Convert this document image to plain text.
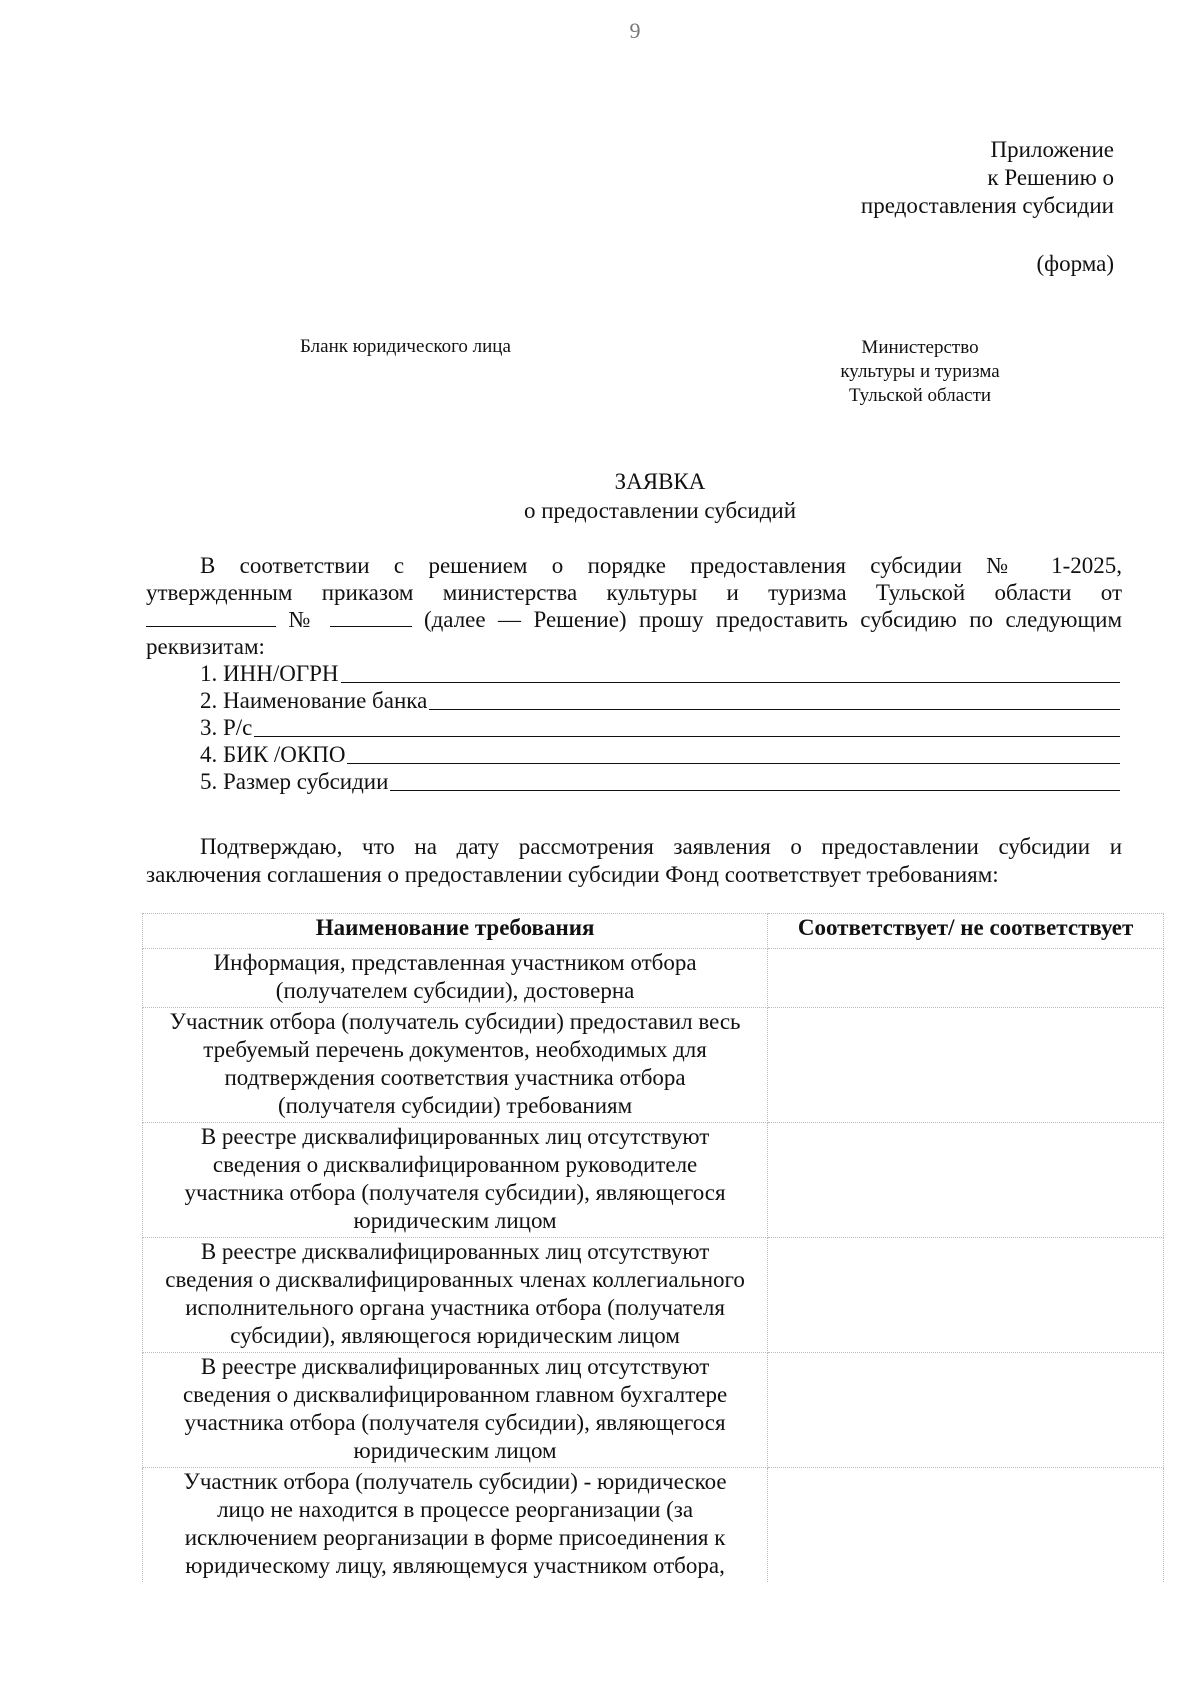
9
Приложение
к Решению о
предоставления субсидии
(форма)
Бланк юридического лица	Министерство
культуры и туризма
Тульской области
ЗАЯВКА
о предоставлении субсидий
В соответствии с решением о порядке предоставления субсидии № 1-2025,
утвержденным приказом министерства культуры и туризма Тульской области от
№	(далее — Решение) прошу предоставить субсидию по следующим
реквизитам:
1. ИНН/ОГРН
2. Наименование банка
3. Р/с
4. БИК /ОКПО
5. Размер субсидии
Подтверждаю, что на дату рассмотрения заявления о предоставлении субсидии и
заключения соглашения о предоставлении субсидии Фонд соответствует требованиям:
Наименование требования	Соответствует/ не соответствует

Информация, представленная участником отбора
(получателем субсидии), достоверна	

Участник отбора (получатель субсидии) предоставил весь
требуемый перечень документов, необходимых для
подтверждения соответствия участника отбора
(получателя субсидии) требованиям	

В реестре дисквалифицированных лиц отсутствуют
сведения о дисквалифицированном руководителе
участника отбора (получателя субсидии), являющегося
юридическим лицом	

В реестре дисквалифицированных лиц отсутствуют
сведения о дисквалифицированных членах коллегиального
исполнительного органа участника отбора (получателя
субсидии), являющегося юридическим лицом	

В реестре дисквалифицированных лиц отсутствуют
сведения о дисквалифицированном главном бухгалтере
участника отбора (получателя субсидии), являющегося
юридическим лицом	

Участник отбора (получатель субсидии) - юридическое
лицо не находится в процессе реорганизации (за
исключением реорганизации в форме присоединения к
юридическому лицу, являющемуся участником отбора,	
